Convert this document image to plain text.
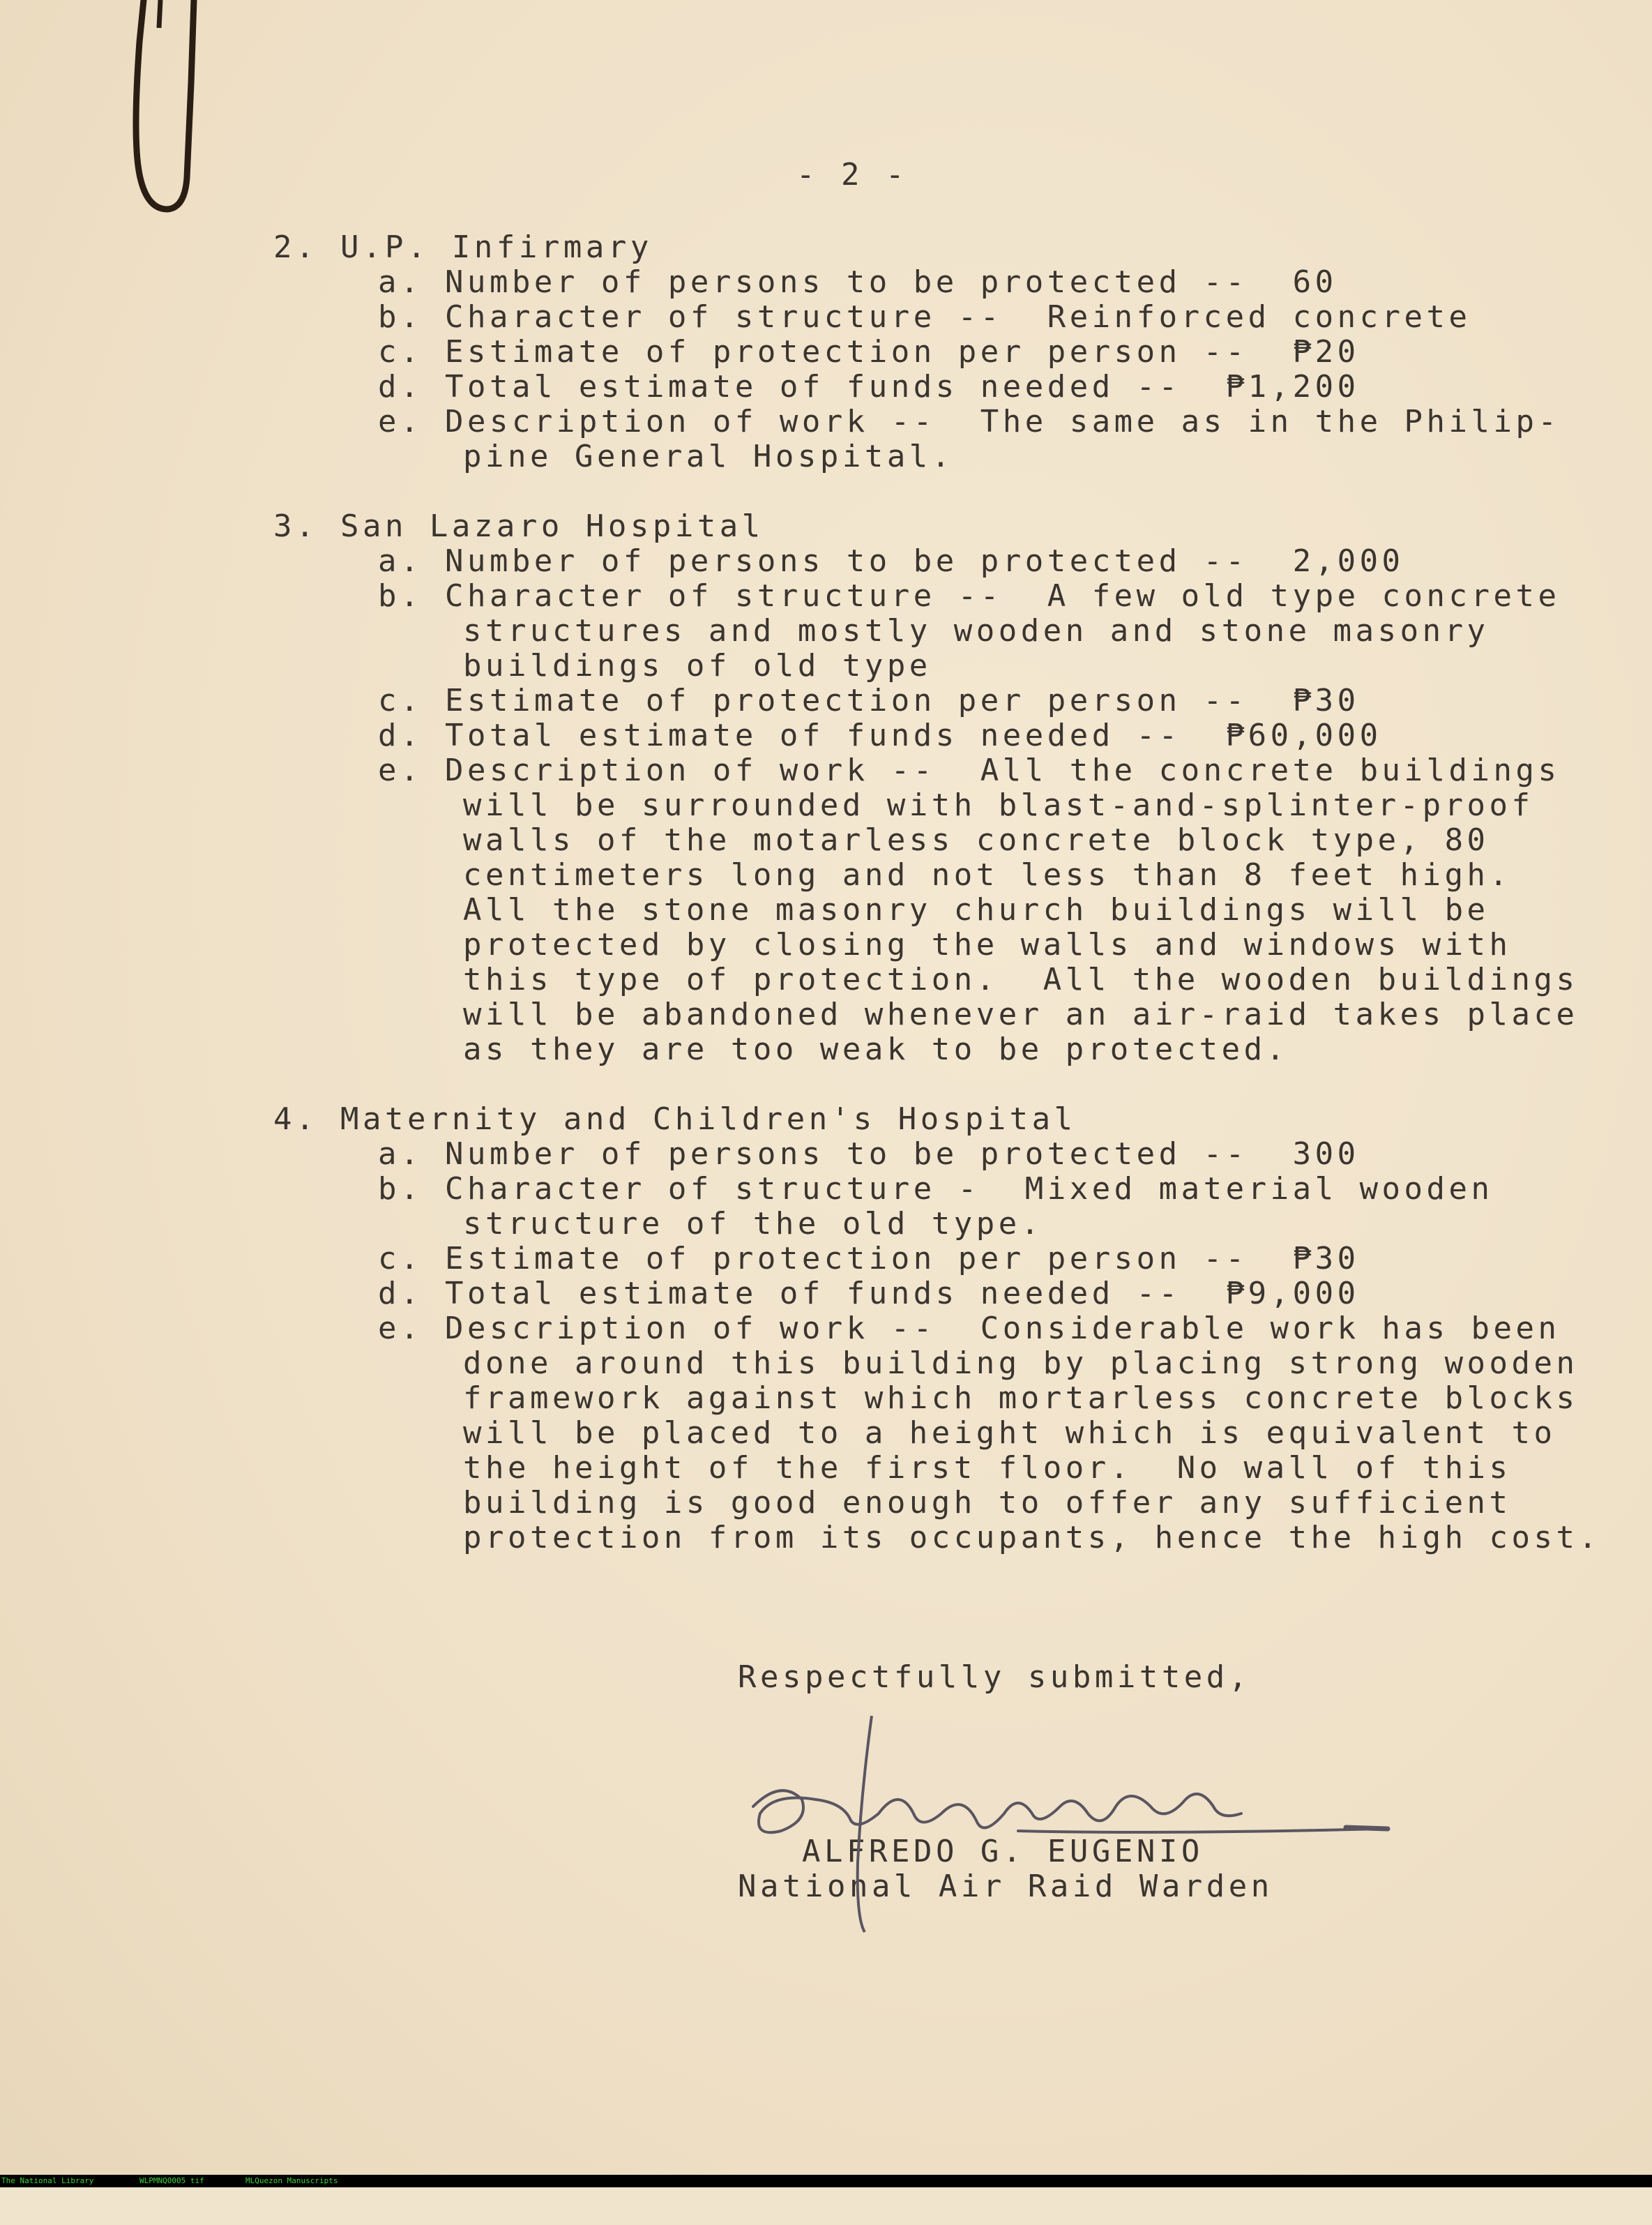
- 2 -
2. U.P. Infirmary
a. Number of persons to be protected --  60
b. Character of structure --  Reinforced concrete
c. Estimate of protection per person --  ₱20
d. Total estimate of funds needed --  ₱1,200
e. Description of work --  The same as in the Philip-
pine General Hospital.
3. San Lazaro Hospital
a. Number of persons to be protected --  2,000
b. Character of structure --  A few old type concrete
structures and mostly wooden and stone masonry
buildings of old type
c. Estimate of protection per person --  ₱30
d. Total estimate of funds needed --  ₱60,000
e. Description of work --  All the concrete buildings
will be surrounded with blast-and-splinter-proof
walls of the motarless concrete block type, 80
centimeters long and not less than 8 feet high.
All the stone masonry church buildings will be
protected by closing the walls and windows with
this type of protection.  All the wooden buildings
will be abandoned whenever an air-raid takes place
as they are too weak to be protected.
4. Maternity and Children's Hospital
a. Number of persons to be protected --  300
b. Character of structure -  Mixed material wooden
structure of the old type.
c. Estimate of protection per person --  ₱30
d. Total estimate of funds needed --  ₱9,000
e. Description of work --  Considerable work has been
done around this building by placing strong wooden
framework against which mortarless concrete blocks
will be placed to a height which is equivalent to
the height of the first floor.  No wall of this
building is good enough to offer any sufficient
protection from its occupants, hence the high cost.
Respectfully submitted,
ALFREDO G. EUGENIO
National Air Raid Warden

The National Library

	WLPMNQ0005 tif

	MLQuezon Manuscripts
